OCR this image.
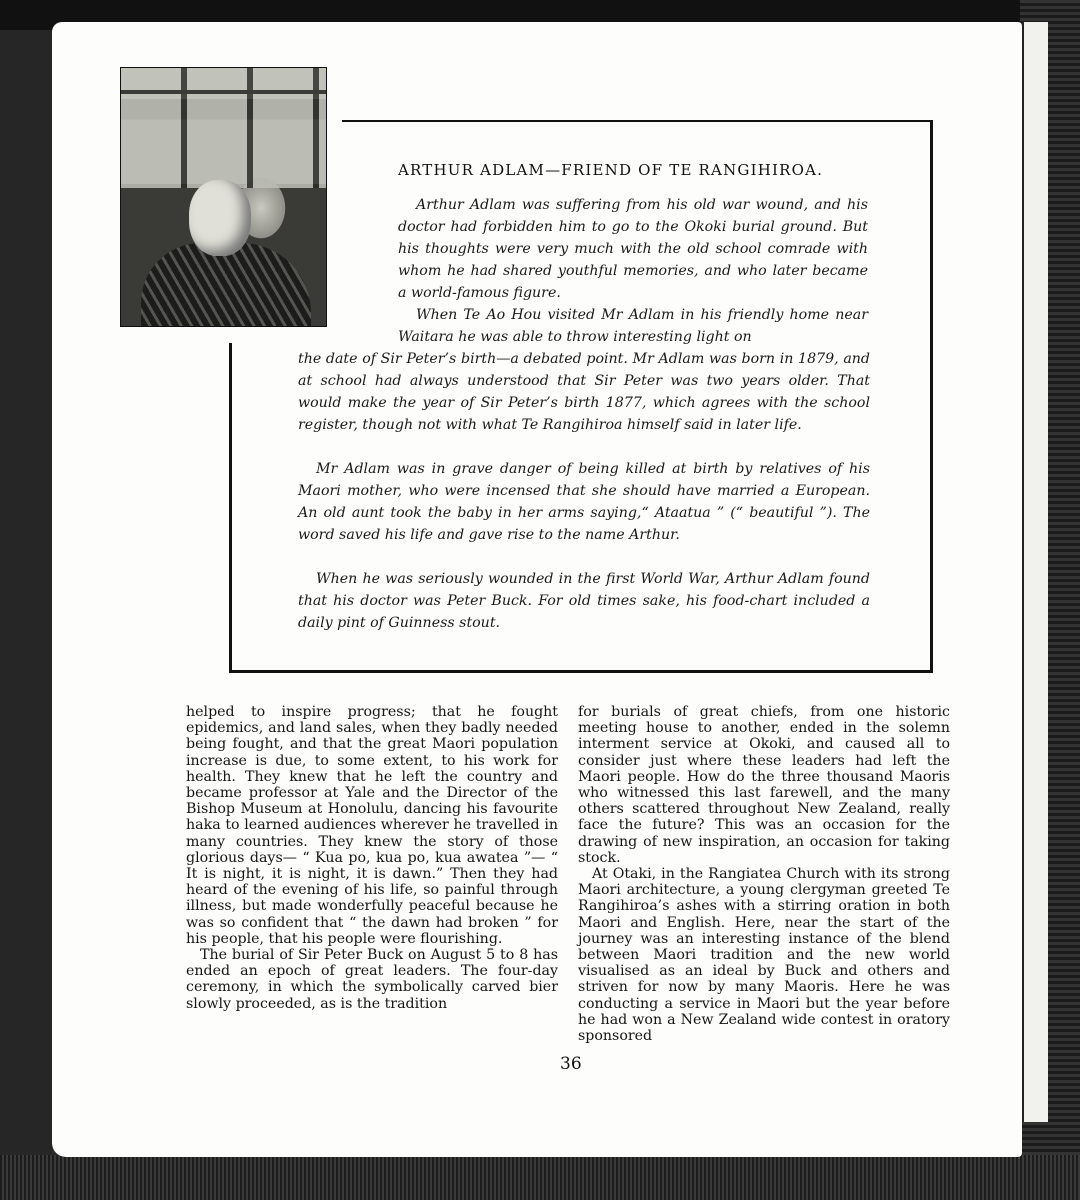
ARTHUR ADLAM—FRIEND OF TE RANGIHIROA.

Arthur Adlam was suffering from his old war wound, and his doctor had forbidden him to go to the Okoki burial ground. But his thoughts were very much with the old school comrade with whom he had shared youthful memories, and who later became a world-famous figure.

When Te Ao Hou visited Mr Adlam in his friendly home near Waitara he was able to throw interesting light on

the date of Sir Peter’s birth—a debated point. Mr Adlam was born in 1879, and at school had always understood that Sir Peter was two years older. That would make the year of Sir Peter’s birth 1877, which agrees with the school register, though not with what Te Rangihiroa himself said in later life.

Mr Adlam was in grave danger of being killed at birth by relatives of his Maori mother, who were incensed that she should have married a European. An old aunt took the baby in her arms saying,“ Ataatua ” (“ beautiful ”). The word saved his life and gave rise to the name Arthur.

When he was seriously wounded in the first World War, Arthur Adlam found that his doctor was Peter Buck. For old times sake, his food-chart included a daily pint of Guinness stout.

helped to inspire progress; that he fought epidemics, and land sales, when they badly needed being fought, and that the great Maori population increase is due, to some extent, to his work for health. They knew that he left the country and became professor at Yale and the Director of the Bishop Museum at Honolulu, dancing his favourite haka to learned audiences wherever he travelled in many countries. They knew the story of those glorious days— “ Kua po, kua po, kua awatea ”— “ It is night, it is night, it is dawn.” Then they had heard of the evening of his life, so painful through illness, but made wonderfully peaceful because he was so confident that “ the dawn had broken ” for his people, that his people were flourishing.

The burial of Sir Peter Buck on August 5 to 8 has ended an epoch of great leaders. The four-day ceremony, in which the symbolically carved bier slowly proceeded, as is the tradition

for burials of great chiefs, from one historic meeting house to another, ended in the solemn interment service at Okoki, and caused all to consider just where these leaders had left the Maori people. How do the three thousand Maoris who witnessed this last farewell, and the many others scattered throughout New Zealand, really face the future? This was an occasion for the drawing of new inspiration, an occasion for taking stock.

At Otaki, in the Rangiatea Church with its strong Maori architecture, a young clergyman greeted Te Rangihiroa’s ashes with a stirring oration in both Maori and English. Here, near the start of the journey was an interesting instance of the blend between Maori tradition and the new world visualised as an ideal by Buck and others and striven for now by many Maoris. Here he was conducting a service in Maori but the year before he had won a New Zealand wide contest in oratory sponsored

36
